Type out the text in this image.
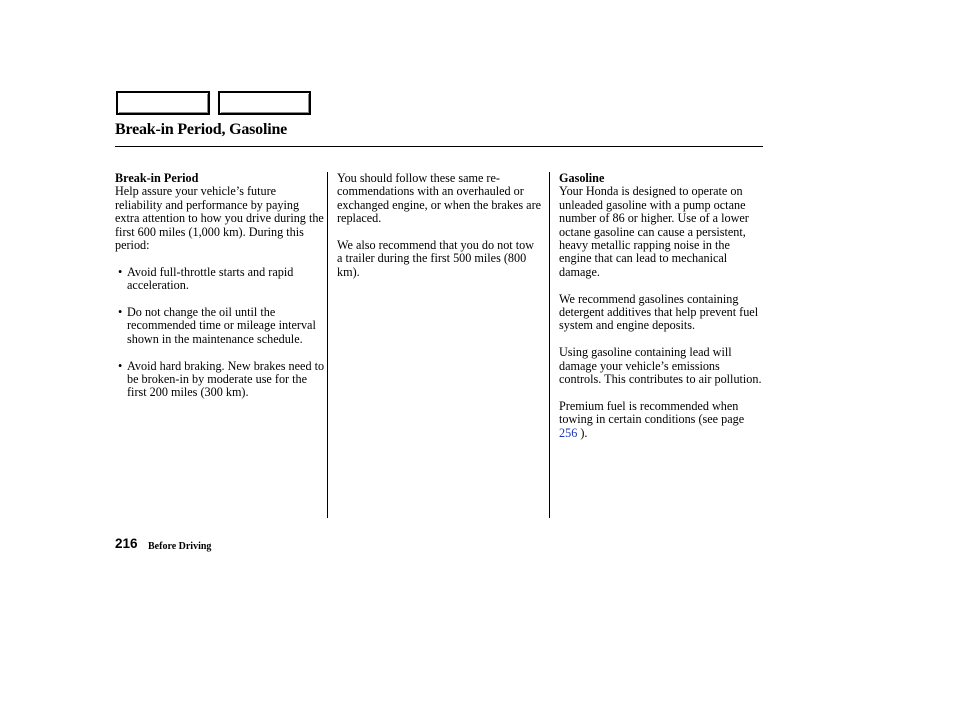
Break-in Period, Gasoline
Break-in Period

Help assure your vehicle’s future reliability and performance by paying extra attention to how you drive during the first 600 miles (1,000 km). During this period:

• Avoid full-throttle starts and rapid acceleration.
• Do not change the oil until the recommended time or mileage interval shown in the maintenance schedule.
• Avoid hard braking. New brakes need to be broken-in by moderate use for the first 200 miles (300 km).

You should follow these same re-commendations with an overhauled or exchanged engine, or when the brakes are replaced.

We also recommend that you do not tow a trailer during the first 500 miles (800 km).

Gasoline

Your Honda is designed to operate on unleaded gasoline with a pump octane number of 86 or higher. Use of a lower octane gasoline can cause a persistent, heavy metallic rapping noise in the engine that can lead to mechanical damage.

We recommend gasolines containing detergent additives that help prevent fuel system and engine deposits.

Using gasoline containing lead will damage your vehicle’s emissions controls. This contributes to air pollution.

Premium fuel is recommended when towing in certain conditions (see page 256 ).

216 Before Driving
